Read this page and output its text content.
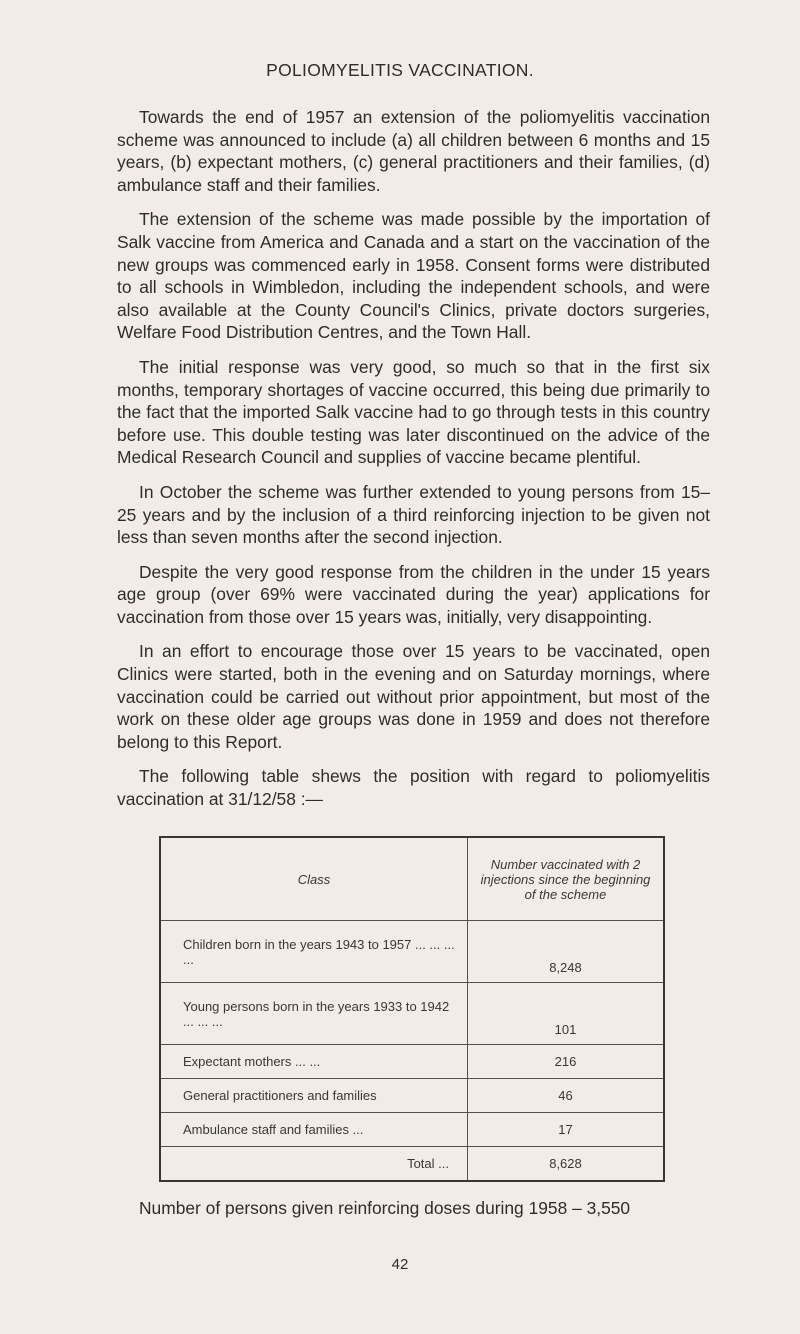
POLIOMYELITIS VACCINATION.

Towards the end of 1957 an extension of the poliomyelitis vaccination scheme was announced to include (a) all children between 6 months and 15 years, (b) expectant mothers, (c) general practitioners and their families, (d) ambulance staff and their families.

The extension of the scheme was made possible by the importation of Salk vaccine from America and Canada and a start on the vaccination of the new groups was commenced early in 1958. Consent forms were distributed to all schools in Wimbledon, including the independent schools, and were also available at the County Council's Clinics, private doctors surgeries, Welfare Food Distribution Centres, and the Town Hall.

The initial response was very good, so much so that in the first six months, temporary shortages of vaccine occurred, this being due primarily to the fact that the imported Salk vaccine had to go through tests in this country before use. This double testing was later discontinued on the advice of the Medical Research Council and supplies of vaccine became plentiful.

In October the scheme was further extended to young persons from 15–25 years and by the inclusion of a third reinforcing injection to be given not less than seven months after the second injection.

Despite the very good response from the children in the under 15 years age group (over 69% were vaccinated during the year) applications for vaccination from those over 15 years was, initially, very disappointing.

In an effort to encourage those over 15 years to be vaccinated, open Clinics were started, both in the evening and on Saturday mornings, where vaccination could be carried out without prior appointment, but most of the work on these older age groups was done in 1959 and does not therefore belong to this Report.

The following table shews the position with regard to poliomyelitis vaccination at 31/12/58 :—

Class	Number vaccinated with 2 injections since the beginning of the scheme

Children born in the years 1943 to 1957 ... ... ... ...	8,248
Young persons born in the years 1933 to 1942 ... ... ...	101
Expectant mothers ... ...	216
General practitioners and families	46
Ambulance staff and families ...	17
Total ...	8,628
Number of persons given reinforcing doses during 1958 – 3,550
42
